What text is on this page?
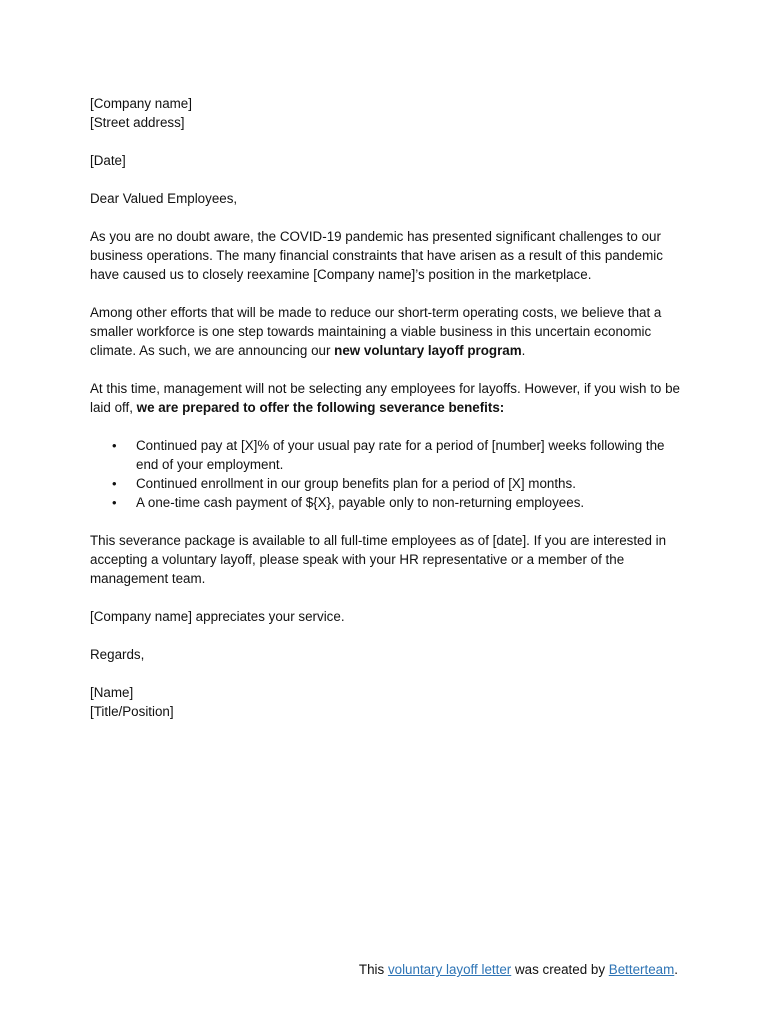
[Company name]

[Street address]

[Date]

Dear Valued Employees,

As you are no doubt aware, the COVID-19 pandemic has presented significant challenges to our business operations. The many financial constraints that have arisen as a result of this pandemic have caused us to closely reexamine [Company name]’s position in the marketplace.

Among other efforts that will be made to reduce our short-term operating costs, we believe that a smaller workforce is one step towards maintaining a viable business in this uncertain economic climate. As such, we are announcing our new voluntary layoff program.

At this time, management will not be selecting any employees for layoffs. However, if you wish to be laid off, we are prepared to offer the following severance benefits:

• Continued pay at [X]% of your usual pay rate for a period of [number] weeks following the end of your employment.
• Continued enrollment in our group benefits plan for a period of [X] months.
• A one-time cash payment of ${X}, payable only to non-returning employees.

This severance package is available to all full-time employees as of [date]. If you are interested in accepting a voluntary layoff, please speak with your HR representative or a member of the management team.

[Company name] appreciates your service.

Regards,

[Name]

[Title/Position]

This voluntary layoff letter was created by Betterteam.
